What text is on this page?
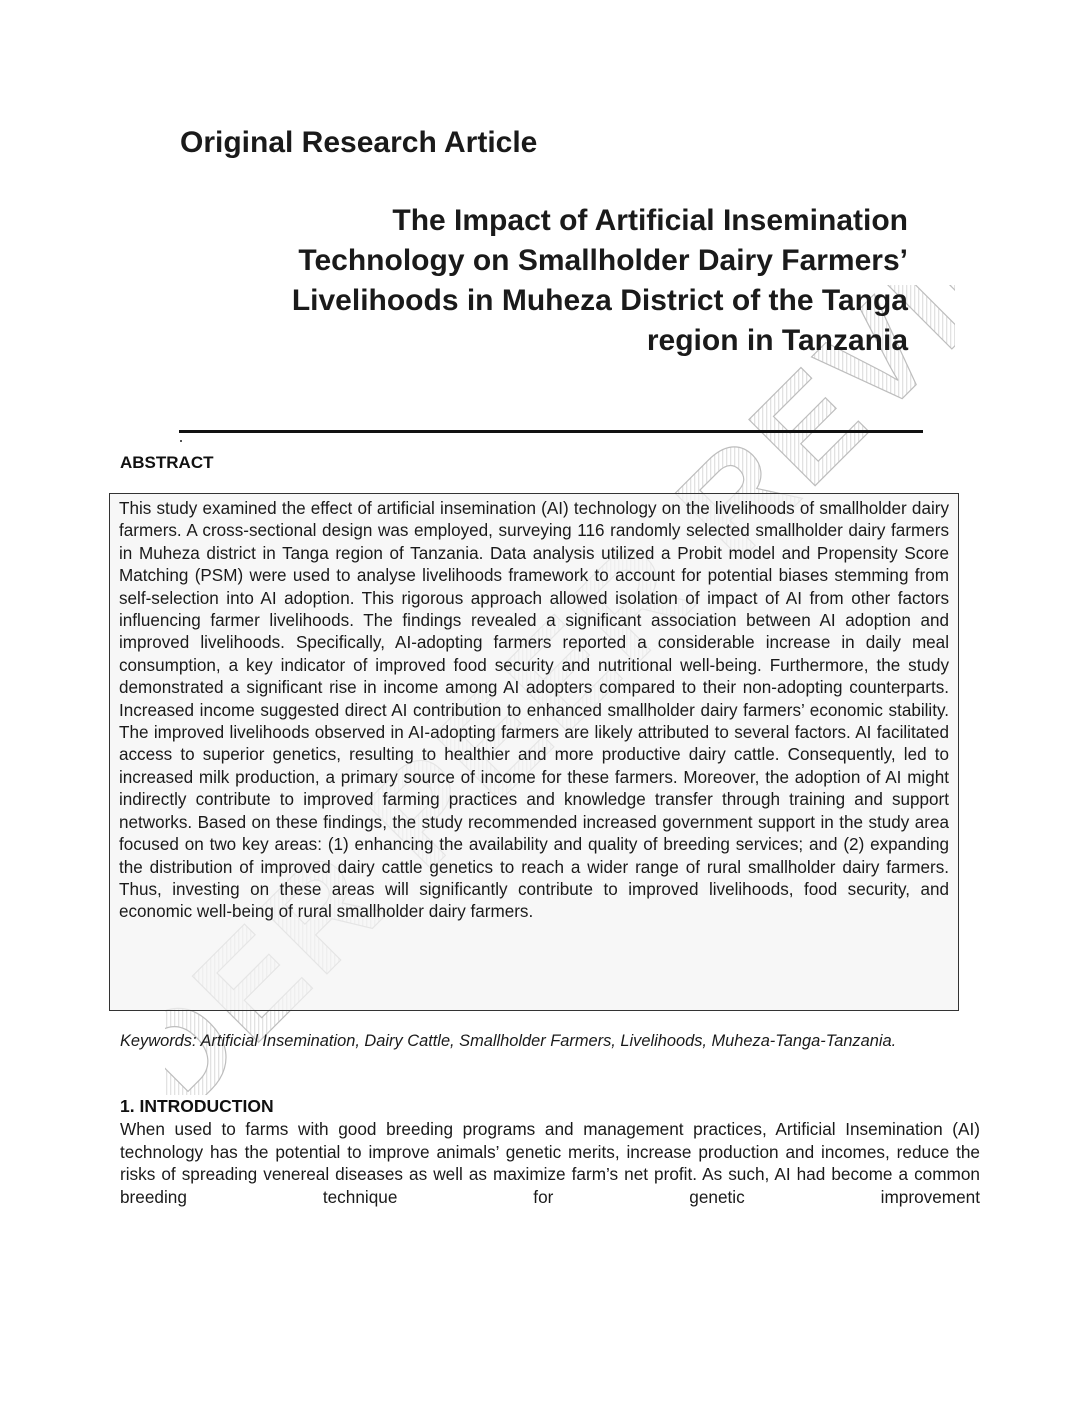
Original Research Article
The Impact of Artificial Insemination Technology on Smallholder Dairy Farmers’ Livelihoods in Muheza District of the Tanga region in Tanzania
ABSTRACT

This study examined the effect of artificial insemination (AI) technology on the livelihoods of smallholder dairy farmers. A cross-sectional design was employed, surveying 116 randomly selected smallholder dairy farmers in Muheza district in Tanga region of Tanzania. Data analysis utilized a Probit model and Propensity Score Matching (PSM) were used to analyse livelihoods framework to account for potential biases stemming from self-selection into AI adoption. This rigorous approach allowed isolation of impact of AI from other factors influencing farmer livelihoods. The findings revealed a significant association between AI adoption and improved livelihoods. Specifically, AI-adopting farmers reported a considerable increase in daily meal consumption, a key indicator of improved food security and nutritional well-being. Furthermore, the study demonstrated a significant rise in income among AI adopters compared to their non-adopting counterparts. Increased income suggested direct AI contribution to enhanced smallholder dairy farmers’ economic stability. The improved livelihoods observed in AI-adopting farmers are likely attributed to several factors. AI facilitated access to superior genetics, resulting to healthier and more productive dairy cattle. Consequently, led to increased milk production, a primary source of income for these farmers. Moreover, the adoption of AI might indirectly contribute to improved farming practices and knowledge transfer through training and support networks. Based on these findings, the study recommended increased government support in the study area focused on two key areas: (1) enhancing the availability and quality of breeding services; and (2) expanding the distribution of improved dairy cattle genetics to reach a wider range of rural smallholder dairy farmers. Thus, investing on these areas will significantly contribute to improved livelihoods, food security, and economic well-being of rural smallholder dairy farmers.

Keywords: Artificial Insemination, Dairy Cattle, Smallholder Farmers, Livelihoods, Muheza-Tanga-Tanzania.

1. INTRODUCTION

When used to farms with good breeding programs and management practices, Artificial Insemination (AI) technology has the potential to improve animals’ genetic merits, increase production and incomes, reduce the risks of spreading venereal diseases as well as maximize farm’s net profit. As such, AI had become a common breeding technique for genetic improvement
